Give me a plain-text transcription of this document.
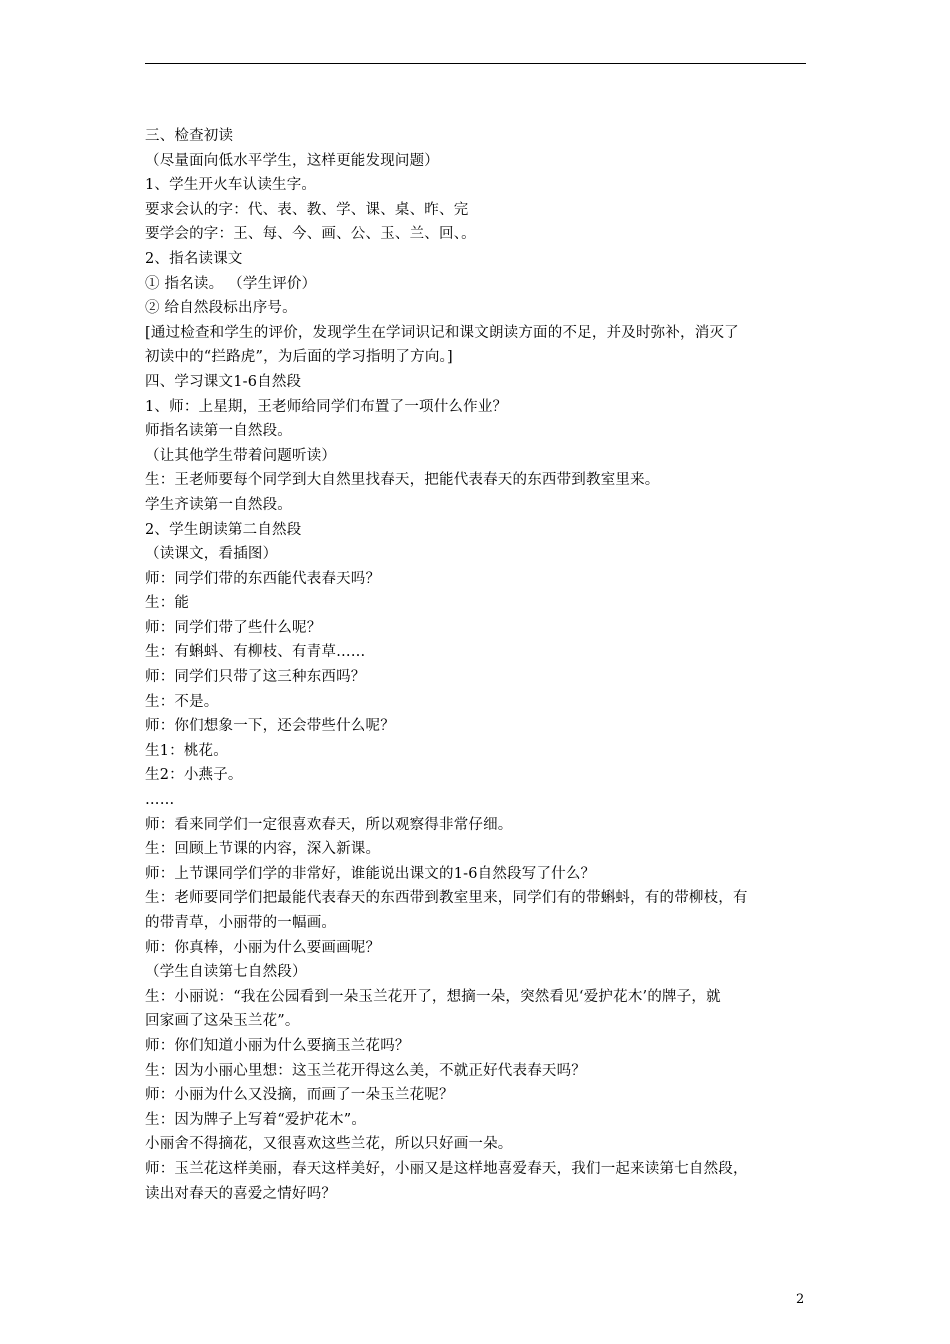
三、检查初读
（尽量面向低水平学生，这样更能发现问题）
1、学生开火车认读生字。
要求会认的字：代、表、教、学、课、桌、昨、完
要学会的字：王、每、今、画、公、玉、兰、回、。
2、指名读课文
① 指名读。 （学生评价）
② 给自然段标出序号。
[通过检查和学生的评价，发现学生在学词识记和课文朗读方面的不足，并及时弥补，消灭了
初读中的“拦路虎”，为后面的学习指明了方向。]
四、学习课文1-6自然段
1、师：上星期，王老师给同学们布置了一项什么作业？
师指名读第一自然段。
（让其他学生带着问题听读）
生：王老师要每个同学到大自然里找春天，把能代表春天的东西带到教室里来。
学生齐读第一自然段。
2、学生朗读第二自然段
（读课文，看插图）
师：同学们带的东西能代表春天吗？
生：能
师：同学们带了些什么呢？
生：有蝌蚪、有柳枝、有青草……
师：同学们只带了这三种东西吗？
生：不是。
师：你们想象一下，还会带些什么呢？
生1：桃花。
生2：小燕子。
……
师：看来同学们一定很喜欢春天，所以观察得非常仔细。
生：回顾上节课的内容，深入新课。
师：上节课同学们学的非常好，谁能说出课文的1-6自然段写了什么？
生：老师要同学们把最能代表春天的东西带到教室里来，同学们有的带蝌蚪，有的带柳枝，有
的带青草，小丽带的一幅画。
师：你真棒，小丽为什么要画画呢？
（学生自读第七自然段）
生：小丽说：“我在公园看到一朵玉兰花开了，想摘一朵，突然看见‘爱护花木’的牌子，就
回家画了这朵玉兰花”。
师：你们知道小丽为什么要摘玉兰花吗？
生：因为小丽心里想：这玉兰花开得这么美，不就正好代表春天吗？
师：小丽为什么又没摘，而画了一朵玉兰花呢？
生：因为牌子上写着“爱护花木”。
小丽舍不得摘花，又很喜欢这些兰花，所以只好画一朵。
师：玉兰花这样美丽，春天这样美好，小丽又是这样地喜爱春天，我们一起来读第七自然段，
读出对春天的喜爱之情好吗？
2
